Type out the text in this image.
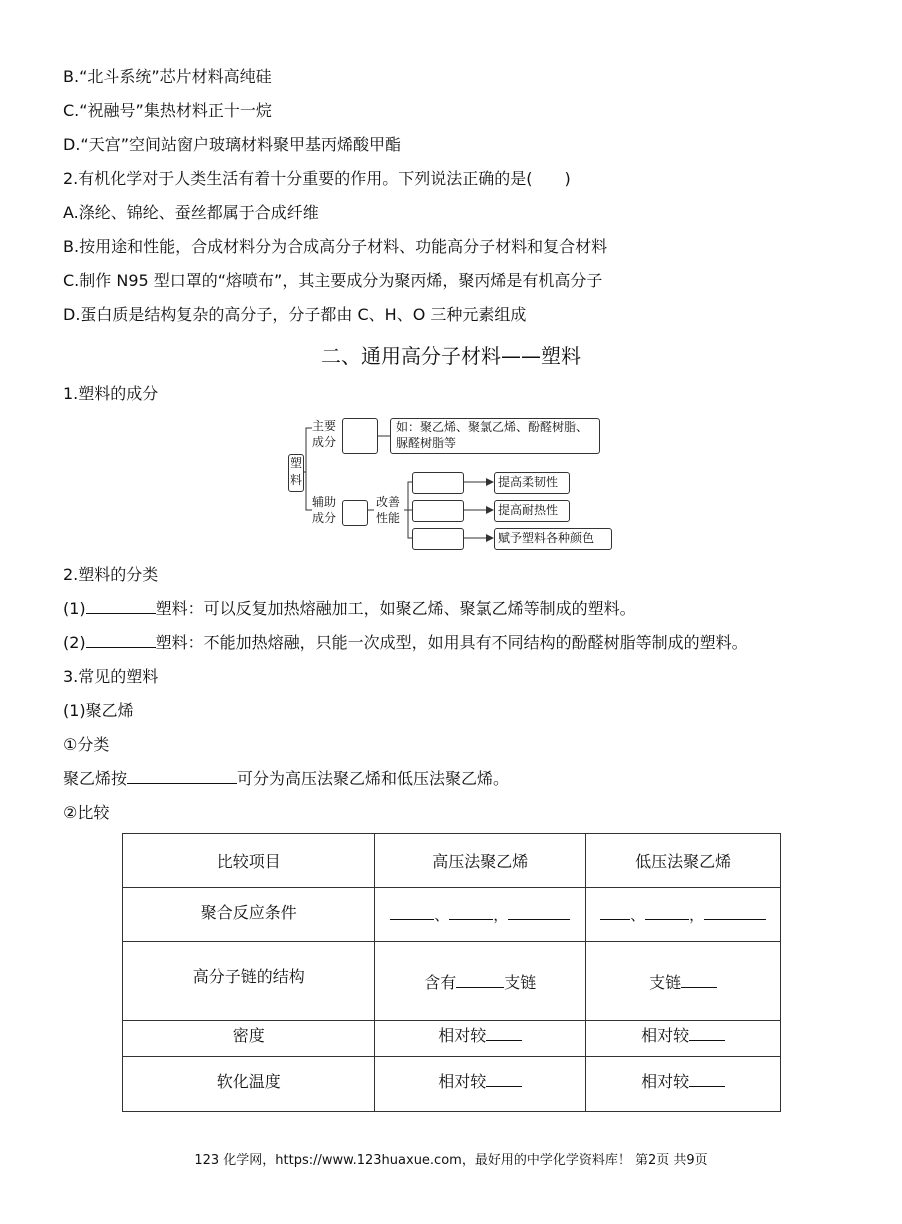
B.“北斗系统”芯片材料高纯硅
C.“祝融号”集热材料正十一烷
D.“天宫”空间站窗户玻璃材料聚甲基丙烯酸甲酯
2.有机化学对于人类生活有着十分重要的作用。下列说法正确的是(　　)
A.涤纶、锦纶、蚕丝都属于合成纤维
B.按用途和性能，合成材料分为合成高分子材料、功能高分子材料和复合材料
C.制作 N95 型口罩的“熔喷布”，其主要成分为聚丙烯，聚丙烯是有机高分子
D.蛋白质是结构复杂的高分子，分子都由 C、H、O 三种元素组成
二、通用高分子材料——塑料
1.塑料的成分
塑料
主要成分
如：聚乙烯、聚氯乙烯、酚醛树脂、脲醛树脂等
辅助成分
改善性能
提高柔韧性
提高耐热性
赋予塑料各种颜色
2.塑料的分类
(1)	塑料：可以反复加热熔融加工，如聚乙烯、聚氯乙烯等制成的塑料。
(2)	塑料：不能加热熔融，只能一次成型，如用具有不同结构的酚醛树脂等制成的塑料。
3.常见的塑料
(1)聚乙烯
①分类
聚乙烯按	可分为高压法聚乙烯和低压法聚乙烯。
②比较
比较项目	高压法聚乙烯	低压法聚乙烯
聚合反应条件	、 ，	、 ，
高分子链的结构	含有 支链	支链
密度	相对较	相对较
软化温度	相对较	相对较
123 化学网，https://www.123huaxue.com，最好用的中学化学资料库！ 第2页 共9页
